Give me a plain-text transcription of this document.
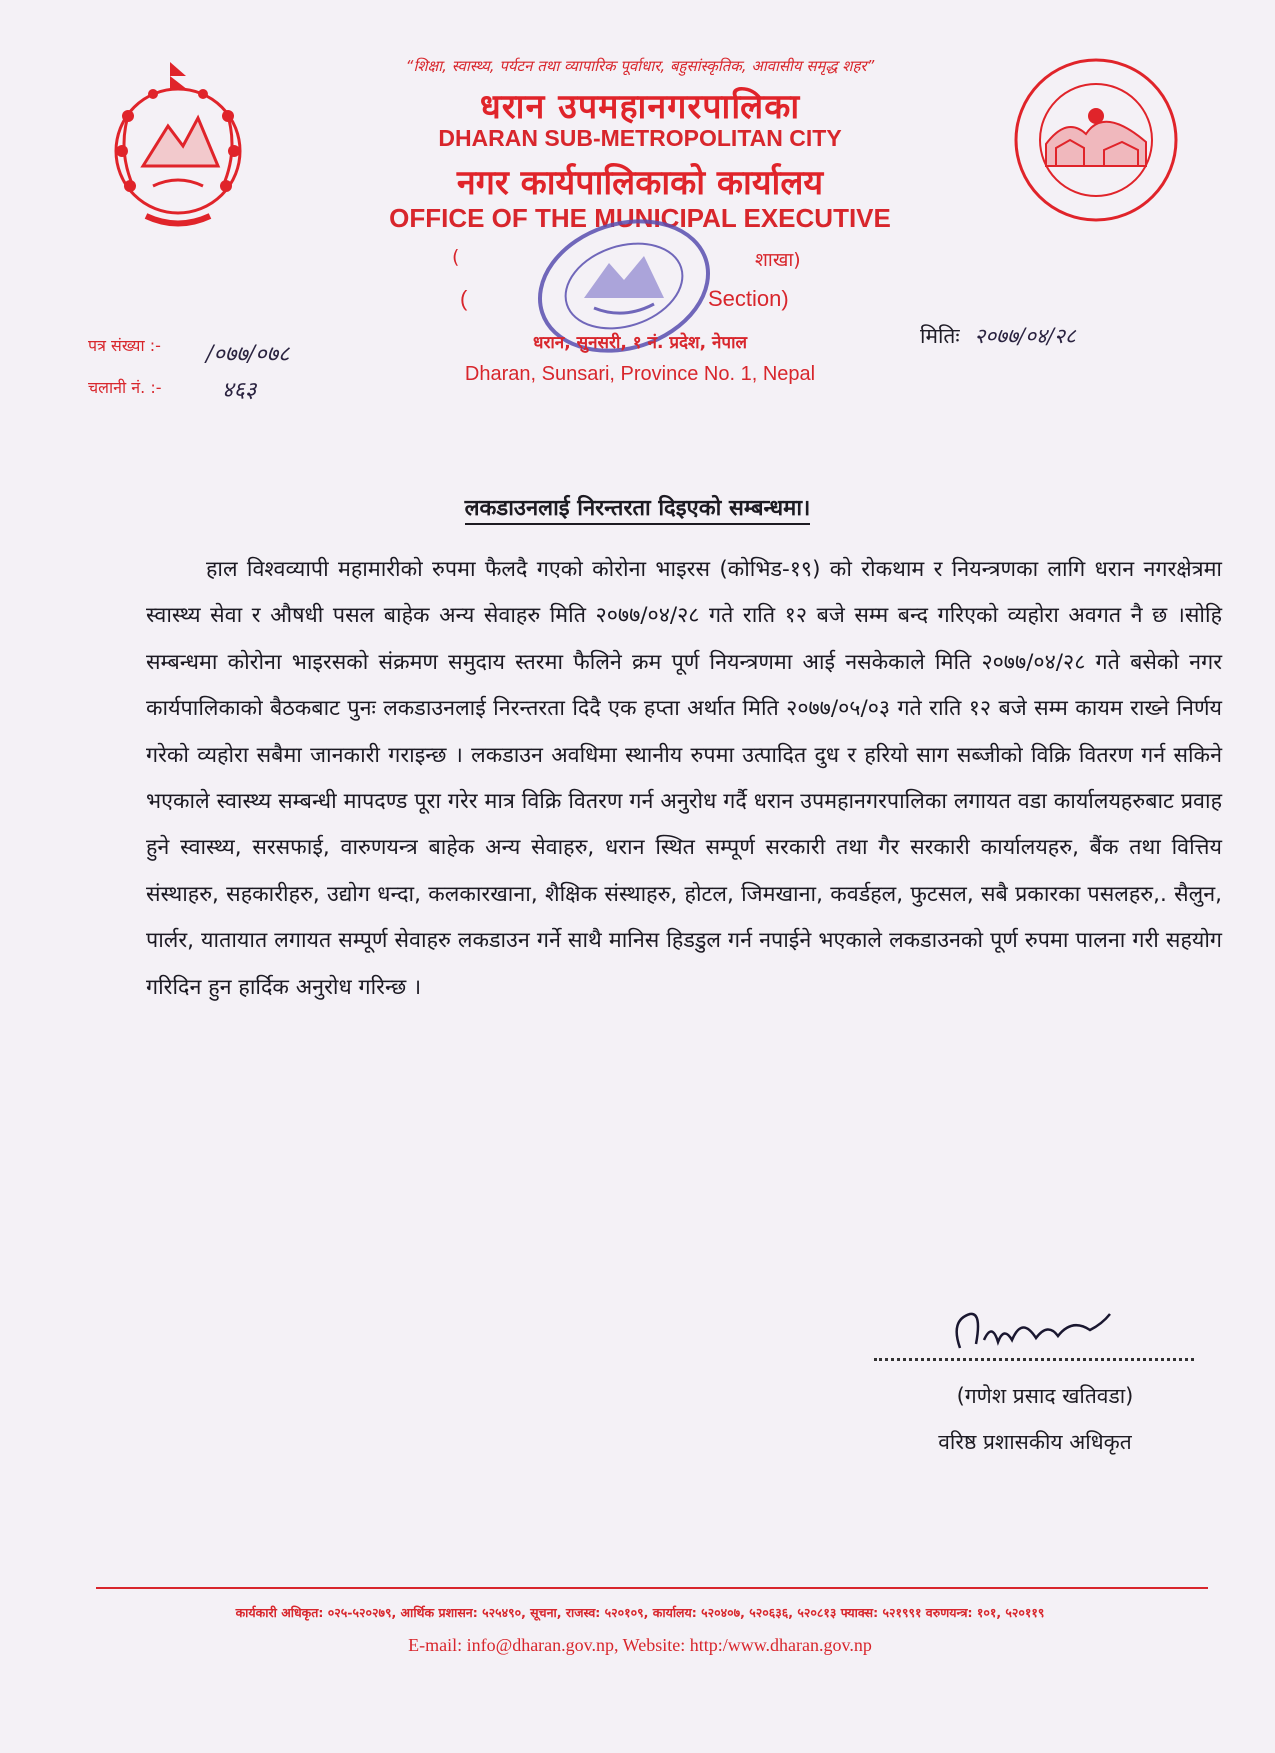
“शिक्षा, स्वास्थ्य, पर्यटन तथा व्यापारिक पूर्वाधार, बहुसांस्कृतिक, आवासीय समृद्ध शहर”
धरान उपमहानगरपालिका
DHARAN SUB-METROPOLITAN CITY
नगर कार्यपालिकाको कार्यालय
OFFICE OF THE MUNICIPAL EXECUTIVE
(	शाखा)
(	Section)
धरान, सुनसरी, १ नं. प्रदेश, नेपाल
Dharan, Sunsari, Province No. 1, Nepal
पत्र संख्या :- /०७७/०७८
चलानी नं. :-	४६३
मितिः २०७७/०४/२८
लकडाउनलाई निरन्तरता दिइएको सम्बन्धमा।

हाल विश्वव्यापी महामारीको रुपमा फैलदै गएको कोरोना भाइरस (कोभिड-१९) को रोकथाम र नियन्त्रणका लागि धरान नगरक्षेत्रमा स्वास्थ्य सेवा र औषधी पसल बाहेक अन्य सेवाहरु मिति २०७७/०४/२८ गते राति १२ बजे सम्म बन्द गरिएको व्यहोरा अवगत नै छ ।सोहि सम्बन्धमा कोरोना भाइरसको संक्रमण समुदाय स्तरमा फैलिने क्रम पूर्ण नियन्त्रणमा आई नसकेकाले मिति २०७७/०४/२८ गते बसेको नगर कार्यपालिकाको बैठकबाट पुनः लकडाउनलाई निरन्तरता दिदै एक हप्ता अर्थात मिति २०७७/०५/०३ गते राति १२ बजे सम्म कायम राख्ने निर्णय गरेको व्यहोरा सबैमा जानकारी गराइन्छ । लकडाउन अवधिमा स्थानीय रुपमा उत्पादित दुध र हरियो साग सब्जीको विक्रि वितरण गर्न सकिने भएकाले स्वास्थ्य सम्बन्धी मापदण्ड पूरा गरेर मात्र विक्रि वितरण गर्न अनुरोध गर्दै धरान उपमहानगरपालिका लगायत वडा कार्यालयहरुबाट प्रवाह हुने स्वास्थ्य, सरसफाई, वारुणयन्त्र बाहेक अन्य सेवाहरु, धरान स्थित सम्पूर्ण सरकारी तथा गैर सरकारी कार्यालयहरु, बैंक तथा वित्तिय संस्थाहरु, सहकारीहरु, उद्योग धन्दा, कलकारखाना, शैक्षिक संस्थाहरु, होटल, जिमखाना, कवर्डहल, फुटसल, सबै प्रकारका पसलहरु,. सैलुन, पार्लर, यातायात लगायत सम्पूर्ण सेवाहरु लकडाउन गर्ने साथै मानिस हिडडुल गर्न नपाईने भएकाले लकडाउनको पूर्ण रुपमा पालना गरी सहयोग गरिदिन हुन हार्दिक अनुरोध गरिन्छ ।

(गणेश प्रसाद खतिवडा)
वरिष्ठ प्रशासकीय अधिकृत
कार्यकारी अधिकृत: ०२५-५२०२७९, आर्थिक प्रशासन: ५२५४९०, सूचना, राजस्व: ५२०१०९, कार्यालय: ५२०४०७, ५२०६३६, ५२०८१३ फ्याक्स: ५२१९९१ वरुणयन्त्र: १०१, ५२०११९
E-mail: info@dharan.gov.np, Website: http:/www.dharan.gov.np
